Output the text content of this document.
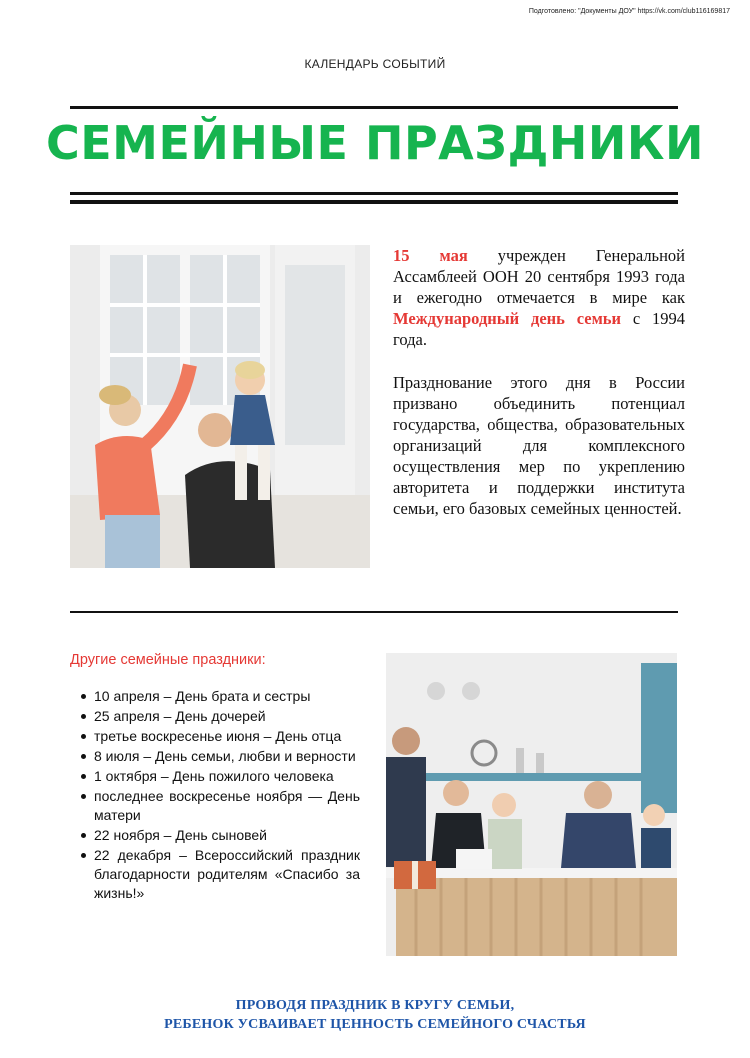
Подготовлено: "Документы ДОУ" https://vk.com/club116169817
КАЛЕНДАРЬ СОБЫТИЙ
СЕМЕЙНЫЕ ПРАЗДНИКИ

15 мая учрежден Генеральной Ассамблеей ООН 20 сентября 1993 года и ежегодно отмечается в мире как Международный день семьи с 1994 года.

Празднование этого дня в России призвано объединить потенциал государства, общества, образовательных организаций для комплексного осуществления мер по укреплению авторитета и поддержки института семьи, его базовых семейных ценностей.

Другие семейные праздники:
10 апреля – День брата и сестры
25 апреля – День дочерей
третье воскресенье июня – День отца
8 июля – День семьи, любви и верности
1 октября – День пожилого человека
последнее воскресенье ноября — День матери
22 ноября – День сыновей
22 декабря – Всероссийский праздник благодарности родителям «Спасибо за жизнь!»
ПРОВОДЯ ПРАЗДНИК В КРУГУ СЕМЬИ,
РЕБЕНОК УСВАИВАЕТ ЦЕННОСТЬ СЕМЕЙНОГО СЧАСТЬЯ
